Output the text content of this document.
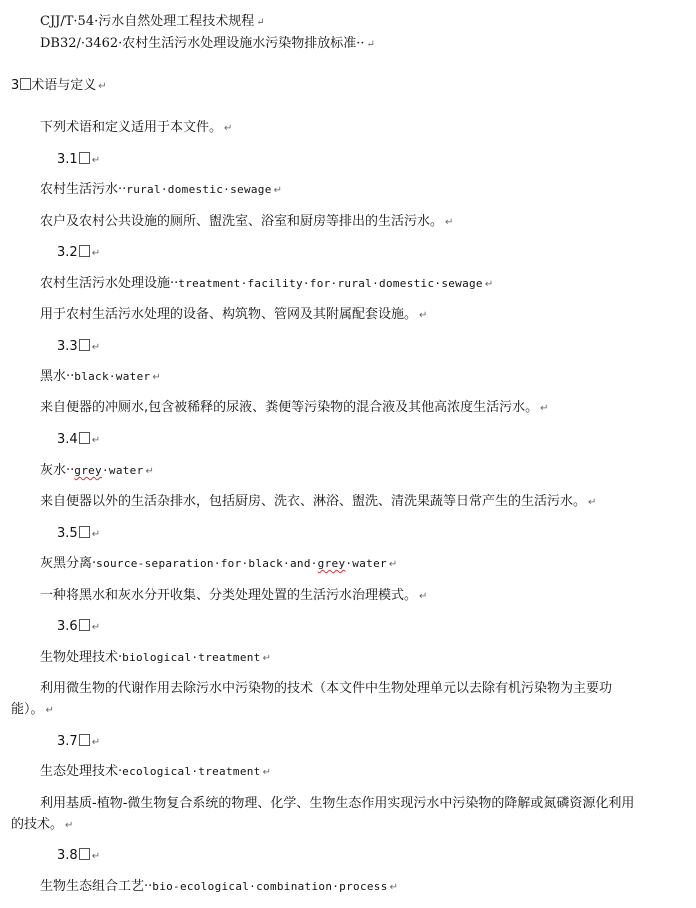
CJJ/T·54·污水自然处理工程技术规程 ↵
DB32/·3462·农村生活污水处理设施水污染物排放标准·· ↵
3 术语与定义 ↵
下列术语和定义适用于本文件。 ↵
3.1 ↵
农村生活污水··rural·domestic·sewage ↵
农户及农村公共设施的厕所、盥洗室、浴室和厨房等排出的生活污水。 ↵
3.2 ↵
农村生活污水处理设施··treatment·facility·for·rural·domestic·sewage ↵
用于农村生活污水处理的设备、构筑物、管网及其附属配套设施。 ↵
3.3 ↵
黑水··black·water ↵
来自便器的冲厕水,包含被稀释的尿液、粪便等污染物的混合液及其他高浓度生活污水。 ↵
3.4 ↵
灰水··grey·water ↵
来自便器以外的生活杂排水，包括厨房、洗衣、淋浴、盥洗、清洗果蔬等日常产生的生活污水。 ↵
3.5 ↵
灰黑分离·source-separation·for·black·and·grey·water ↵
一种将黑水和灰水分开收集、分类处理处置的生活污水治理模式。 ↵
3.6 ↵
生物处理技术·biological·treatment ↵
利用微生物的代谢作用去除污水中污染物的技术（本文件中生物处理单元以去除有机污染物为主要功能）。 ↵
3.7 ↵
生态处理技术·ecological·treatment ↵
利用基质-植物-微生物复合系统的物理、化学、生物生态作用实现污水中污染物的降解或氮磷资源化利用的技术。 ↵
3.8 ↵
生物生态组合工艺··bio-ecological·combination·process ↵
